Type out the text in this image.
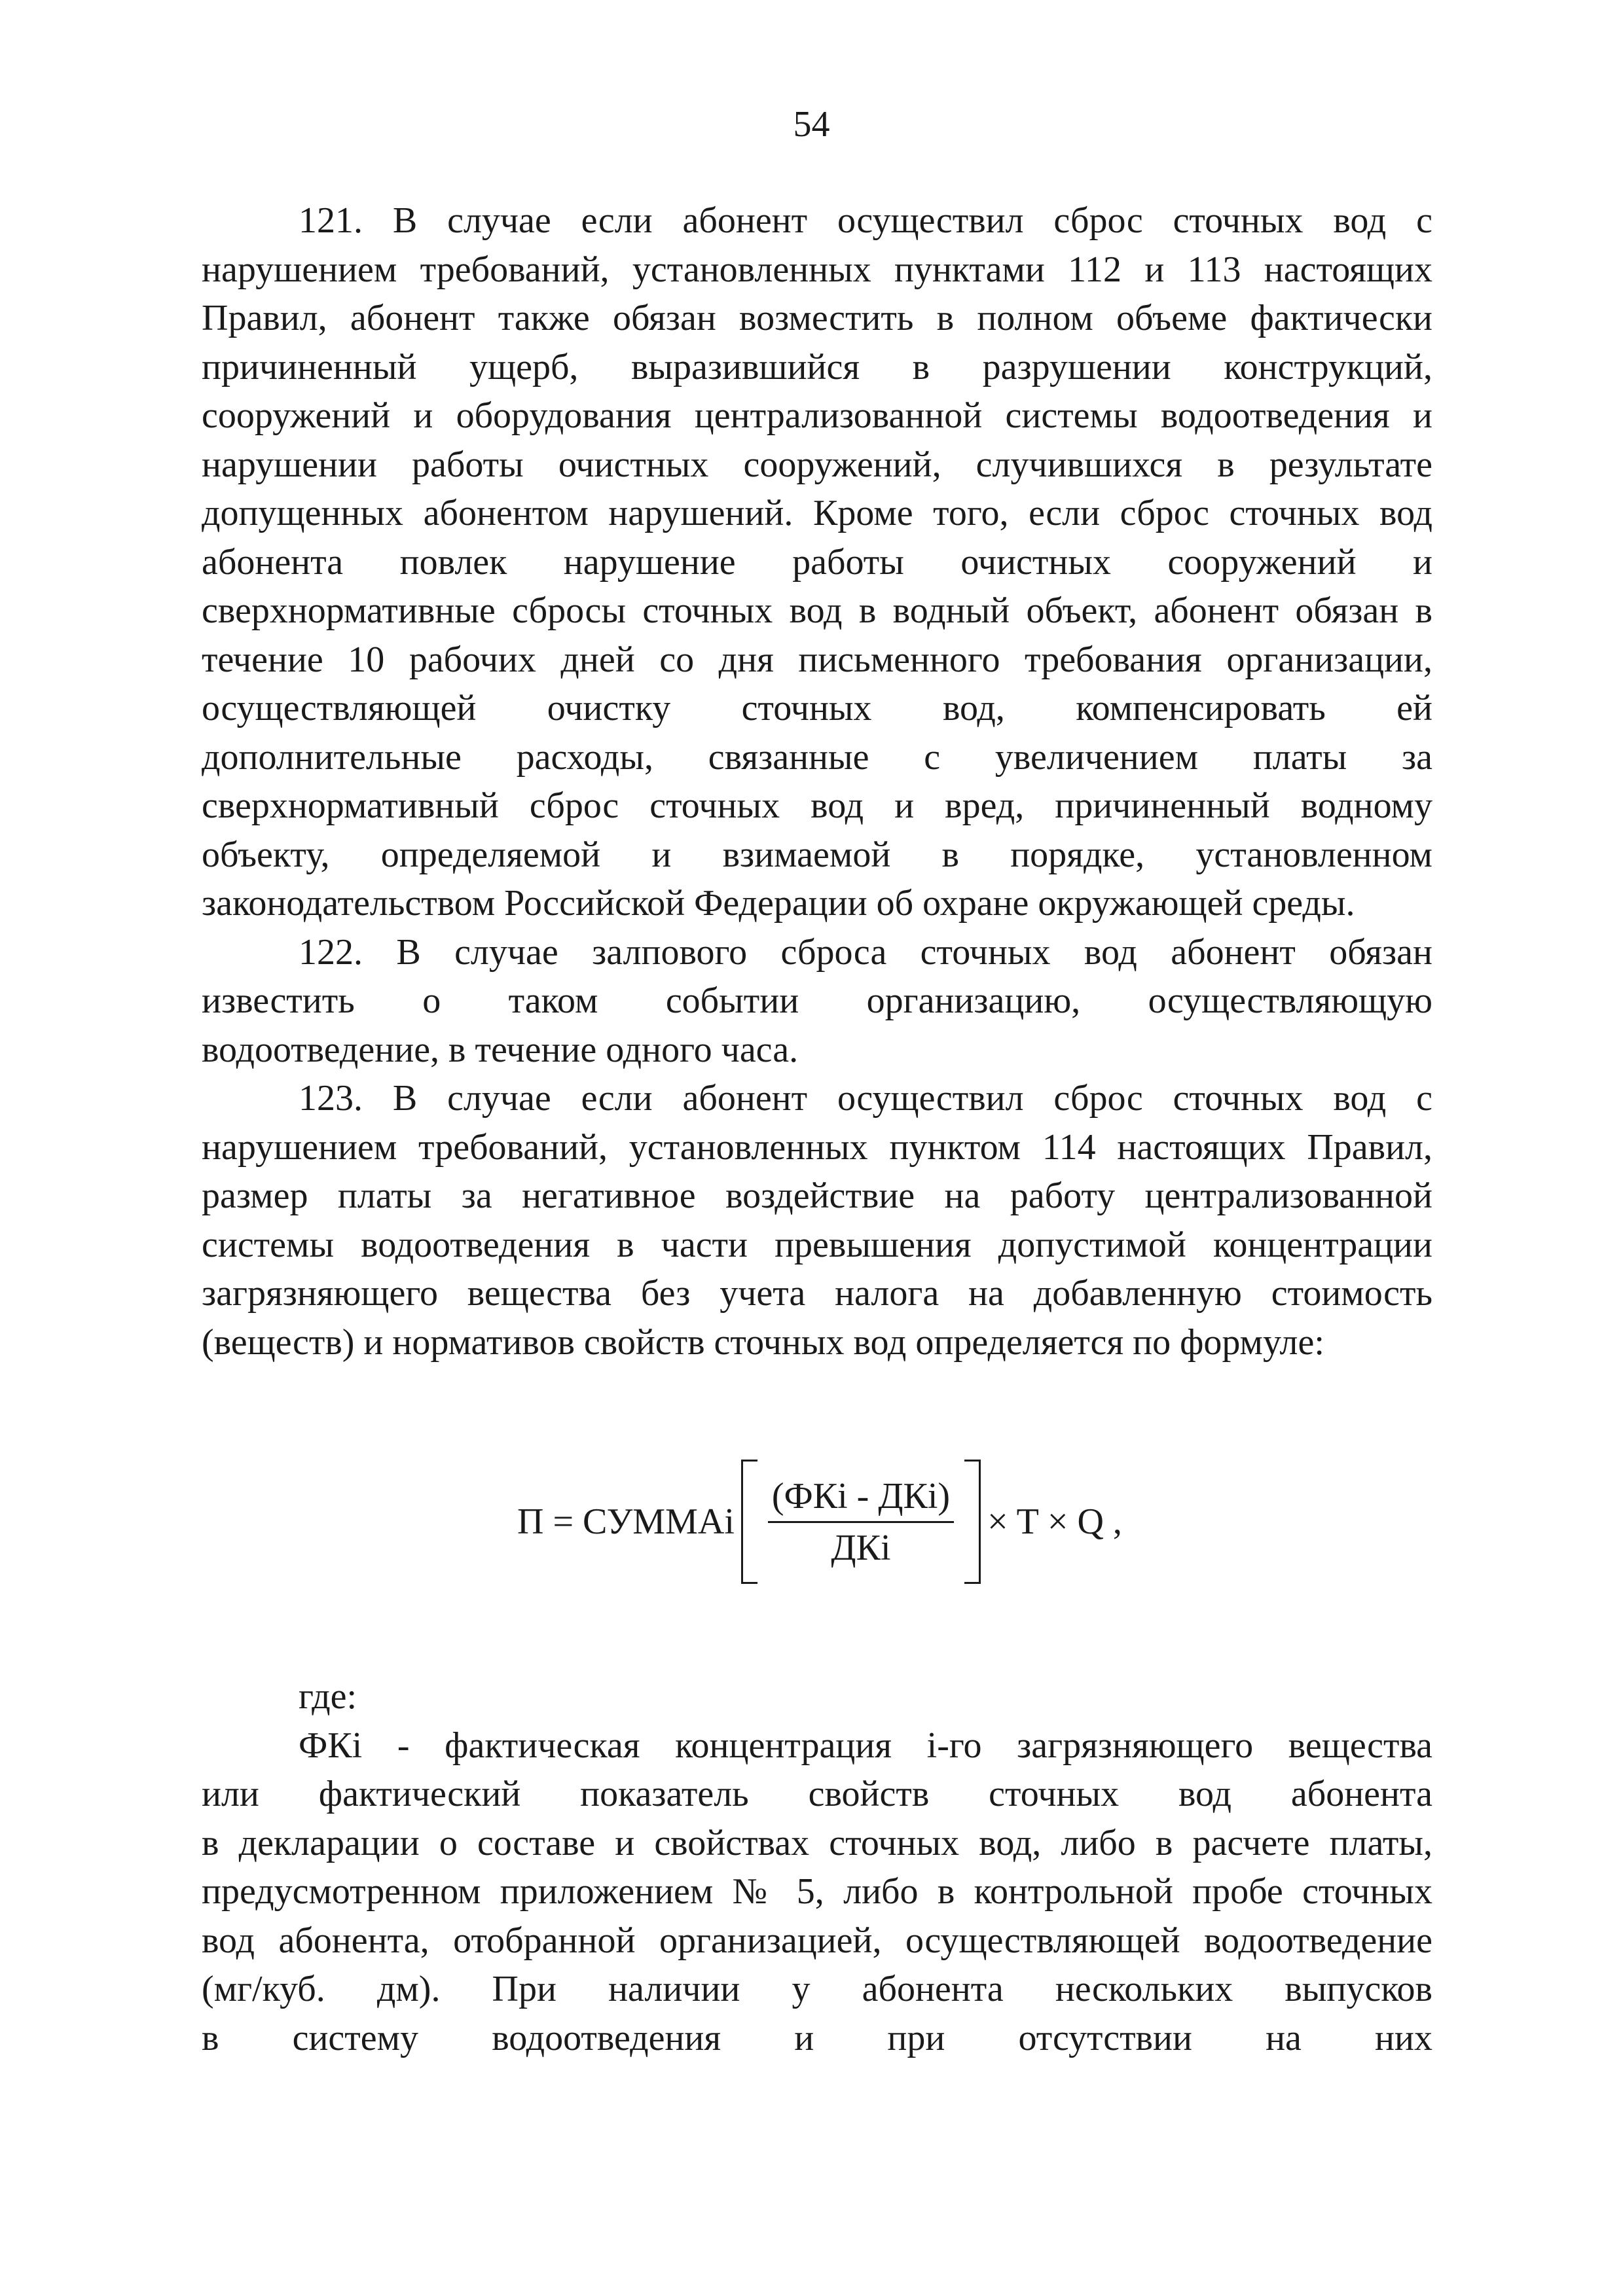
54

121. В случае если абонент осуществил сброс сточных вод с

нарушением требований, установленных пунктами 112 и 113 настоящих

Правил, абонент также обязан возместить в полном объеме фактически

причиненный ущерб, выразившийся в разрушении конструкций,

сооружений и оборудования централизованной системы водоотведения и

нарушении работы очистных сооружений, случившихся в результате

допущенных абонентом нарушений. Кроме того, если сброс сточных вод

абонента повлек нарушение работы очистных сооружений и

сверхнормативные сбросы сточных вод в водный объект, абонент обязан в

течение 10 рабочих дней со дня письменного требования организации,

осуществляющей очистку сточных вод, компенсировать ей

дополнительные расходы, связанные с увеличением платы за

сверхнормативный сброс сточных вод и вред, причиненный водному

объекту, определяемой и взимаемой в порядке, установленном

законодательством Российской Федерации об охране окружающей среды.

122. В случае залпового сброса сточных вод абонент обязан

известить о таком событии организацию, осуществляющую

водоотведение, в течение одного часа.

123. В случае если абонент осуществил сброс сточных вод с

нарушением требований, установленных пунктом 114 настоящих Правил,

размер платы за негативное воздействие на работу централизованной

системы водоотведения в части превышения допустимой концентрации

загрязняющего вещества без учета налога на добавленную стоимость

(веществ) и нормативов свойств сточных вод определяется по формуле:

П = СУММАi $\frac{\text{(ФКi - ДКi)}}{\text{ДКi}} \times T \times Q$ ,

где:

ФКi - фактическая концентрация i-го загрязняющего вещества

или фактический показатель свойств сточных вод абонента

в декларации о составе и свойствах сточных вод, либо в расчете платы,

предусмотренном приложением № 5, либо в контрольной пробе сточных

вод абонента, отобранной организацией, осуществляющей водоотведение

(мг/куб. дм). При наличии у абонента нескольких выпусков

в систему водоотведения и при отсутствии на них
